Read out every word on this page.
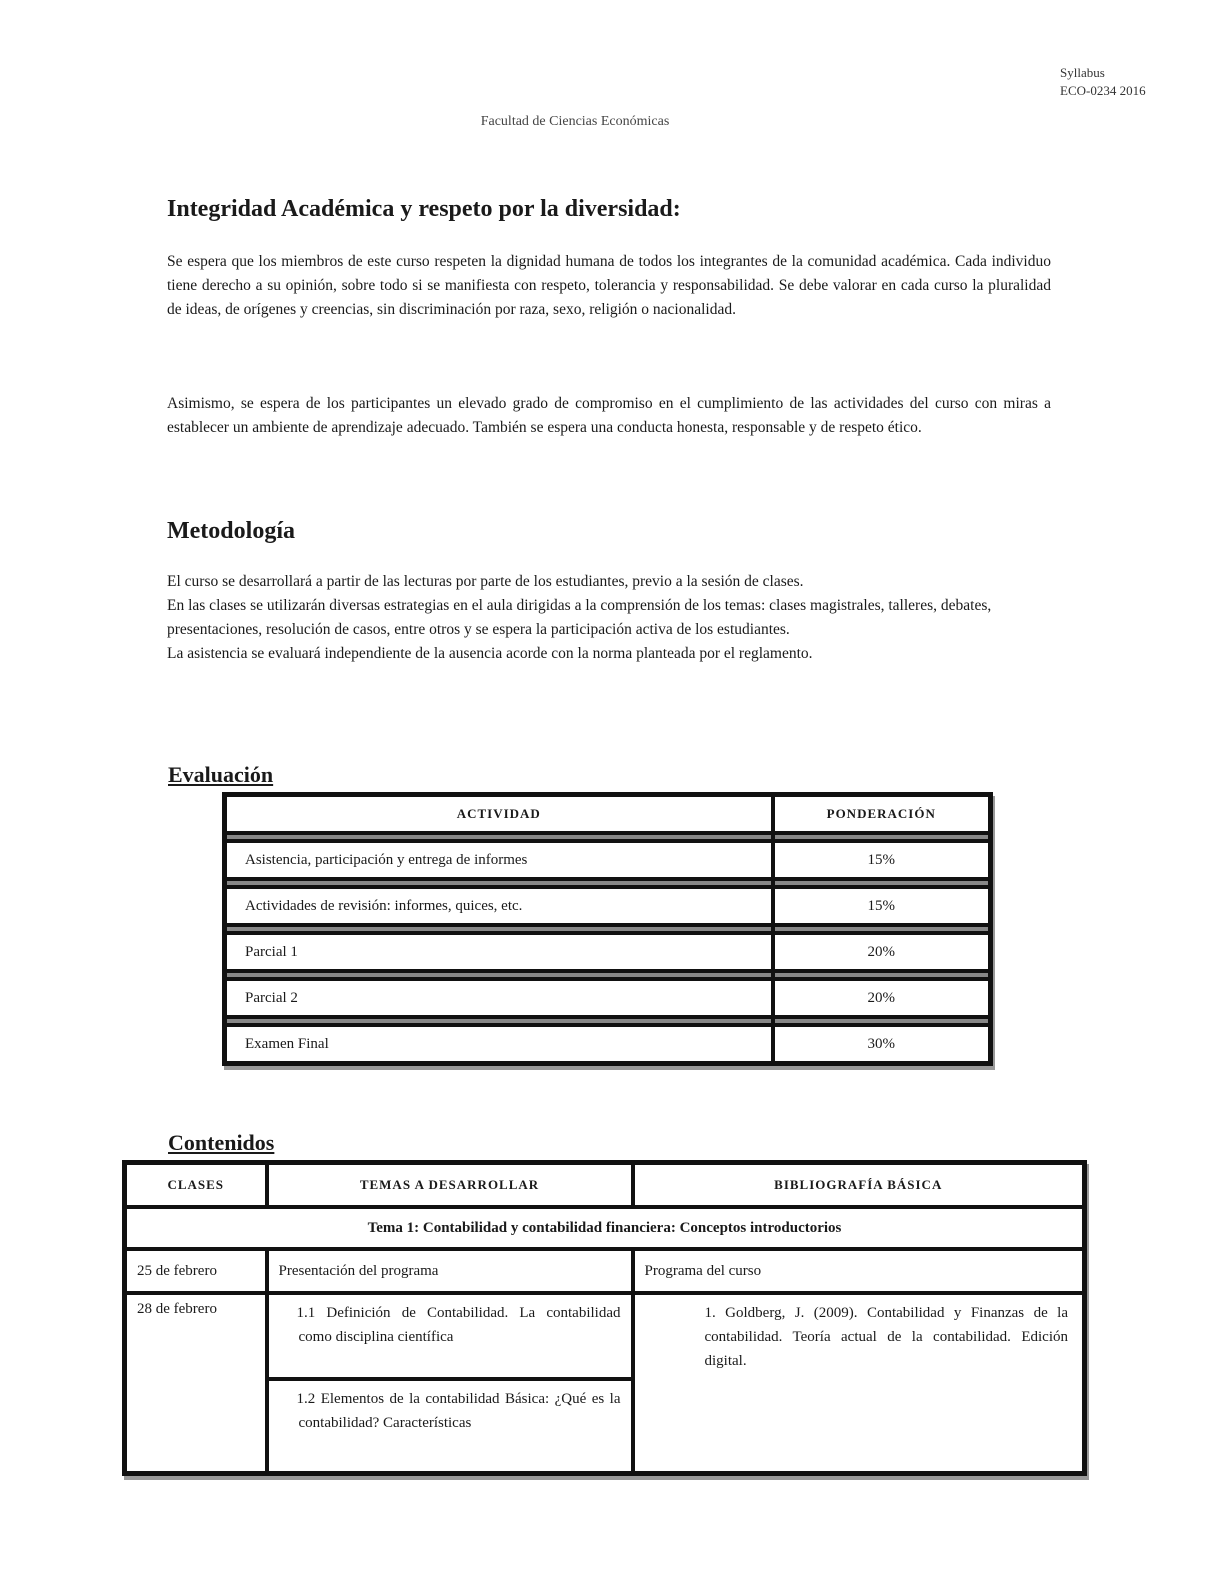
Syllabus
ECO-0234 2016
Facultad de Ciencias Económicas
Integridad Académica y respeto por la diversidad:

Se espera que los miembros de este curso respeten la dignidad humana de todos los integrantes de la comunidad académica. Cada individuo tiene derecho a su opinión, sobre todo si se manifiesta con respeto, tolerancia y responsabilidad. Se debe valorar en cada curso la pluralidad de ideas, de orígenes y creencias, sin discriminación por raza, sexo, religión o nacionalidad.

Asimismo, se espera de los participantes un elevado grado de compromiso en el cumplimiento de las actividades del curso con miras a establecer un ambiente de aprendizaje adecuado. También se espera una conducta honesta, responsable y de respeto ético.

Metodología

El curso se desarrollará a partir de las lecturas por parte de los estudiantes, previo a la sesión de clases.

En las clases se utilizarán diversas estrategias en el aula dirigidas a la comprensión de los temas: clases magistrales, talleres, debates, presentaciones, resolución de casos, entre otros y se espera la participación activa de los estudiantes.

La asistencia se evaluará independiente de la ausencia acorde con la norma planteada por el reglamento.

Evaluación
ACTIVIDAD	PONDERACIÓN

Asistencia, participación y entrega de informes	15%

Actividades de revisión: informes, quices, etc.	15%

Parcial 1	20%

Parcial 2	20%

Examen Final	30%
Contenidos
CLASES	TEMAS A DESARROLLAR	BIBLIOGRAFÍA BÁSICA
Tema 1: Contabilidad y contabilidad financiera: Conceptos introductorios		
25 de febrero	Presentación del programa	Programa del curso
28 de febrero	1.1 Definición de Contabilidad. La contabilidad como disciplina científica	1. Goldberg, J. (2009). Contabilidad y Finanzas de la contabilidad. Teoría actual de la contabilidad. Edición digital.

	1.2 Elementos de la contabilidad Básica: ¿Qué es la contabilidad? Características	
